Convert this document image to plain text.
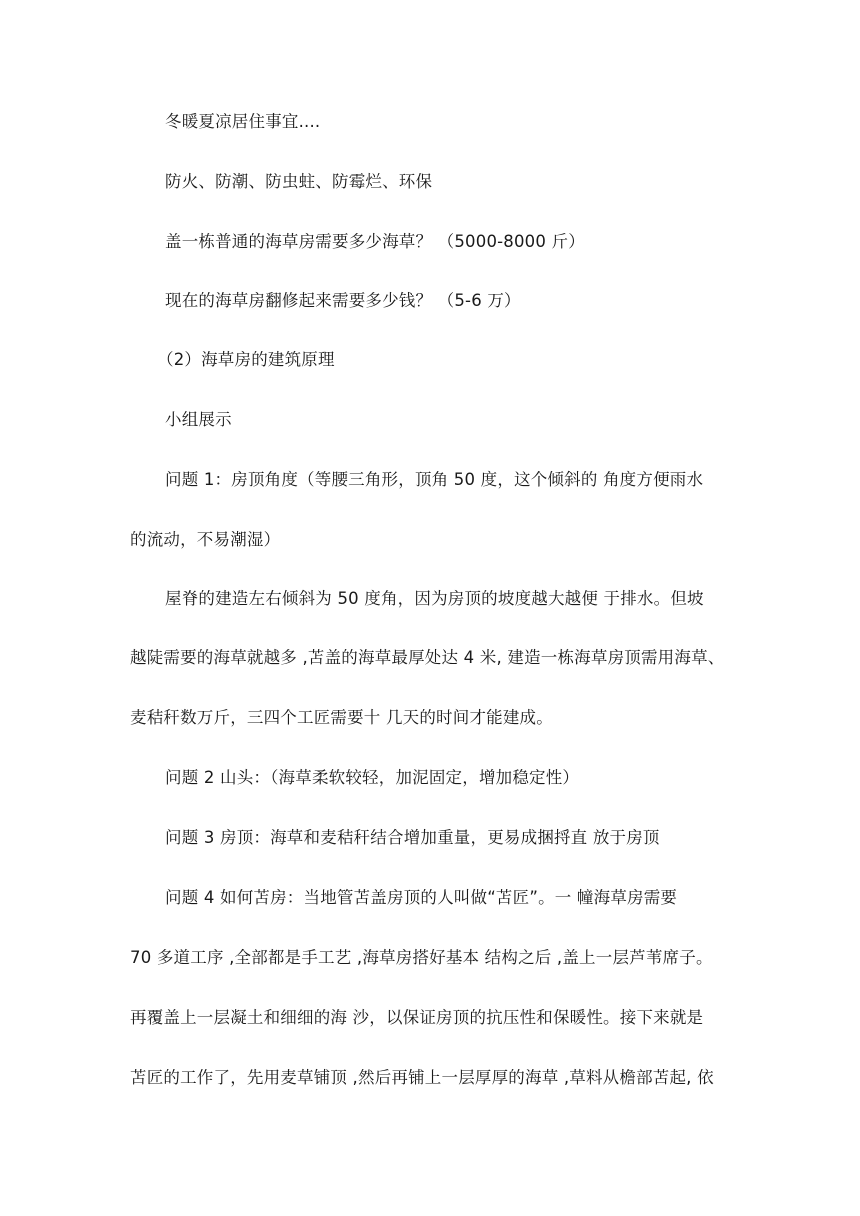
冬暖夏凉居住事宜....
防火、防潮、防虫蛀、防霉烂、环保
盖一栋普通的海草房需要多少海草？ （5000-8000 斤）
现在的海草房翻修起来需要多少钱？ （5-6 万）
（2）海草房的建筑原理
小组展示
问题 1：房顶角度（等腰三角形，顶角 50 度，这个倾斜的 角度方便雨水
的流动，不易潮湿）
屋脊的建造左右倾斜为 50 度角，因为房顶的坡度越大越便 于排水。但坡
越陡需要的海草就越多 ,苫盖的海草最厚处达 4 米, 建造一栋海草房顶需用海草、
麦秸秆数万斤，三四个工匠需要十 几天的时间才能建成。
问题 2 山头：（海草柔软较轻，加泥固定，增加稳定性）
问题 3 房顶：海草和麦秸秆结合增加重量，更易成捆捋直 放于房顶
问题 4 如何苫房：当地管苫盖房顶的人叫做“苫匠”。一 幢海草房需要
70 多道工序 ,全部都是手工艺 ,海草房搭好基本 结构之后 ,盖上一层芦苇席子。
再覆盖上一层凝土和细细的海 沙，以保证房顶的抗压性和保暖性。接下来就是
苫匠的工作了，先用麦草铺顶 ,然后再铺上一层厚厚的海草 ,草料从檐部苫起, 依
